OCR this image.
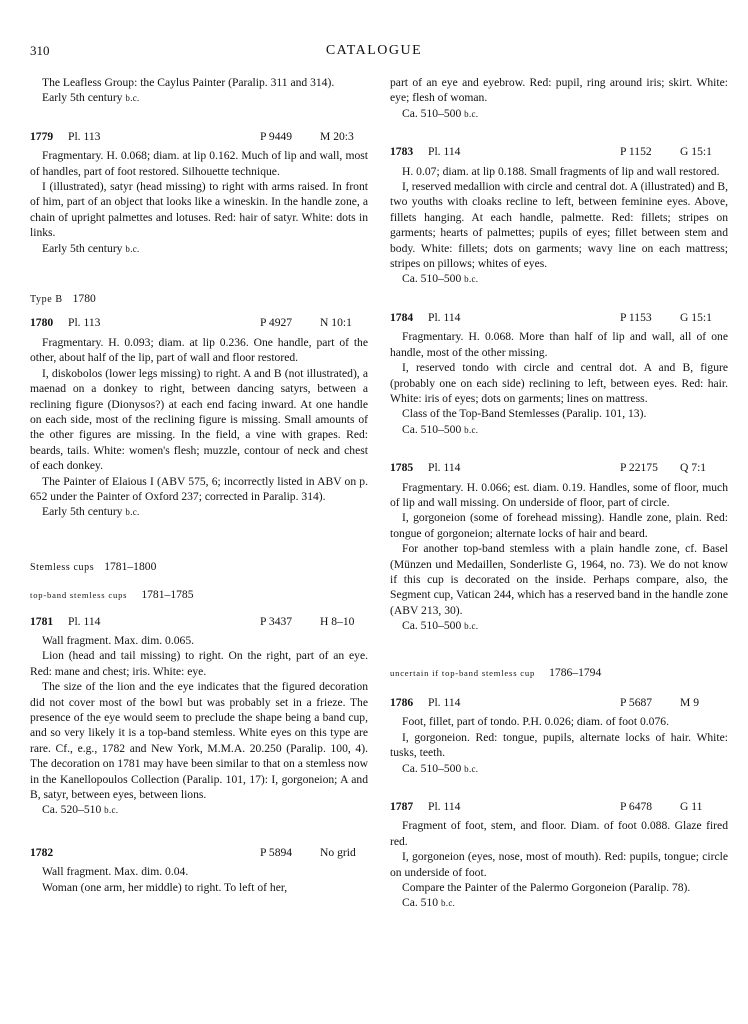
310	CATALOGUE

The Leafless Group: the Caylus Painter (Paralip. 311 and 314).

Early 5th century b.c.

1779	Pl. 113	P 9449	M 20:3

Fragmentary. H. 0.068; diam. at lip 0.162. Much of lip and wall, most of handles, part of foot restored. Silhouette technique.

I (illustrated), satyr (head missing) to right with arms raised. In front of him, part of an object that looks like a wineskin. In the handle zone, a chain of upright palmettes and lotuses. Red: hair of satyr. White: dots in links.

Early 5th century b.c.

Type B 1780

1780	Pl. 113	P 4927	N 10:1

Fragmentary. H. 0.093; diam. at lip 0.236. One handle, part of the other, about half of the lip, part of wall and floor restored.

I, diskobolos (lower legs missing) to right. A and B (not illustrated), a maenad on a donkey to right, between dancing satyrs, between a reclining figure (Dionysos?) at each end facing inward. At one handle on each side, most of the reclining figure is missing. Small amounts of the other figures are missing. In the field, a vine with grapes. Red: beards, tails. White: women's flesh; muzzle, contour of neck and chest of each donkey.

The Painter of Elaious I (ABV 575, 6; incorrectly listed in ABV on p. 652 under the Painter of Oxford 237; corrected in Paralip. 314).

Early 5th century b.c.

Stemless cups 1781–1800

top-band stemless cups 1781–1785

1781	Pl. 114	P 3437	H 8–10

Wall fragment. Max. dim. 0.065.

Lion (head and tail missing) to right. On the right, part of an eye. Red: mane and chest; iris. White: eye.

The size of the lion and the eye indicates that the figured decoration did not cover most of the bowl but was probably set in a frieze. The presence of the eye would seem to preclude the shape being a band cup, and so very likely it is a top-band stemless. White eyes on this type are rare. Cf., e.g., 1782 and New York, M.M.A. 20.250 (Paralip. 100, 4). The decoration on 1781 may have been similar to that on a stemless now in the Kanellopoulos Collection (Paralip. 101, 17): I, gorgoneion; A and B, satyr, between eyes, between lions.

Ca. 520–510 b.c.

1782	P 5894	No grid

Wall fragment. Max. dim. 0.04.

Woman (one arm, her middle) to right. To left of her,

part of an eye and eyebrow. Red: pupil, ring around iris; skirt. White: eye; flesh of woman.

Ca. 510–500 b.c.

1783	Pl. 114	P 1152	G 15:1

H. 0.07; diam. at lip 0.188. Small fragments of lip and wall restored.

I, reserved medallion with circle and central dot. A (illustrated) and B, two youths with cloaks recline to left, between feminine eyes. Above, fillets hanging. At each handle, palmette. Red: fillets; stripes on garments; hearts of palmettes; pupils of eyes; fillet between stem and body. White: fillets; dots on garments; wavy line on each mattress; stripes on pillows; whites of eyes.

Ca. 510–500 b.c.

1784	Pl. 114	P 1153	G 15:1

Fragmentary. H. 0.068. More than half of lip and wall, all of one handle, most of the other missing.

I, reserved tondo with circle and central dot. A and B, figure (probably one on each side) reclining to left, between eyes. Red: hair. White: iris of eyes; dots on garments; lines on mattress.

Class of the Top-Band Stemlesses (Paralip. 101, 13).

Ca. 510–500 b.c.

1785	Pl. 114	P 22175	Q 7:1

Fragmentary. H. 0.066; est. diam. 0.19. Handles, some of floor, much of lip and wall missing. On underside of floor, part of circle.

I, gorgoneion (some of forehead missing). Handle zone, plain. Red: tongue of gorgoneion; alternate locks of hair and beard.

For another top-band stemless with a plain handle zone, cf. Basel (Münzen und Medaillen, Sonderliste G, 1964, no. 73). We do not know if this cup is decorated on the inside. Perhaps compare, also, the Segment cup, Vatican 244, which has a reserved band in the handle zone (ABV 213, 30).

Ca. 510–500 b.c.

uncertain if top-band stemless cup 1786–1794

1786	Pl. 114	P 5687	M 9

Foot, fillet, part of tondo. P.H. 0.026; diam. of foot 0.076.

I, gorgoneion. Red: tongue, pupils, alternate locks of hair. White: tusks, teeth.

Ca. 510–500 b.c.

1787	Pl. 114	P 6478	G 11

Fragment of foot, stem, and floor. Diam. of foot 0.088. Glaze fired red.

I, gorgoneion (eyes, nose, most of mouth). Red: pupils, tongue; circle on underside of foot.

Compare the Painter of the Palermo Gorgoneion (Paralip. 78).

Ca. 510 b.c.
